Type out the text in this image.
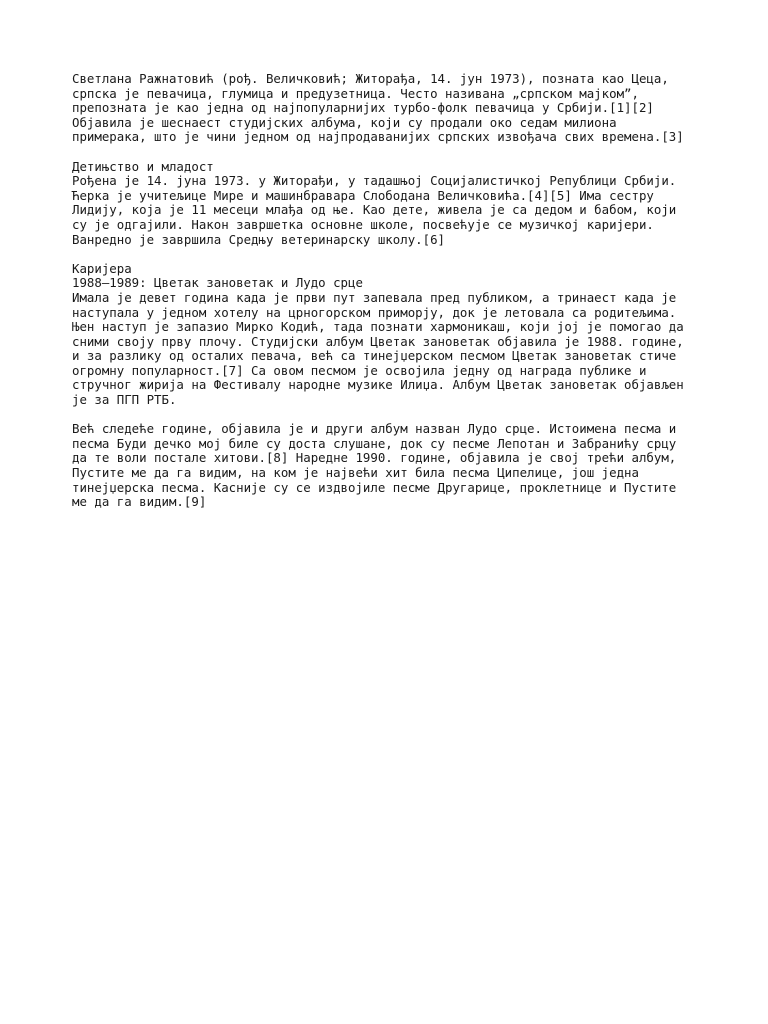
Светлана Ражнатовић (рођ. Величковић; Житорађа, 14. јун 1973), позната као Цеца,
српска је певачица, глумица и предузетница. Често називана „српском мајком”,
препозната је као једна од најпопуларнијих турбо-фолк певачица у Србији.[1][2]
Објавила је шеснаест студијских албума, који су продали око седам милиона
примерака, што је чини једном од најпродаванијих српских извођача свих времена.[3]
Детињство и младост
Рођена је 14. јуна 1973. у Житорађи, у тадашњој Социјалистичкој Републици Србији.
Ћерка је учитељице Мире и машинбравара Слободана Величковића.[4][5] Има сестру
Лидију, која је 11 месеци млађа од ње. Као дете, живела је са дедом и бабом, који
су је одгајили. Након завршетка основне школе, посвећује се музичкој каријери.
Ванредно је завршила Средњу ветеринарску школу.[6]
Каријера
1988—1989: Цветак зановетак и Лудо срце
Имала је девет година када је први пут запевала пред публиком, а тринаест када је
наступала у једном хотелу на црногорском приморју, док је летовала са родитељима.
Њен наступ је запазио Мирко Кодић, тада познати хармоникаш, који јој је помогао да
сними своју прву плочу. Студијски албум Цветак зановетак објавила је 1988. године,
и за разлику од осталих певача, већ са тинејџерском песмом Цветак зановетак стиче
огромну популарност.[7] Са овом песмом је освојила једну од награда публике и
стручног жирија на Фестивалу народне музике Илиџа. Албум Цветак зановетак објављен
је за ПГП РТБ.
Већ следеће године, објавила је и други албум назван Лудо срце. Истоимена песма и
песма Буди дечко мој биле су доста слушане, док су песме Лепотан и Забранићу срцу
да те воли постале хитови.[8] Наредне 1990. године, објавила је свој трећи албум,
Пустите ме да га видим, на ком је највећи хит била песма Ципелице, још једна
тинејџерска песма. Касније су се издвојиле песме Другарице, проклетнице и Пустите
ме да га видим.[9]
